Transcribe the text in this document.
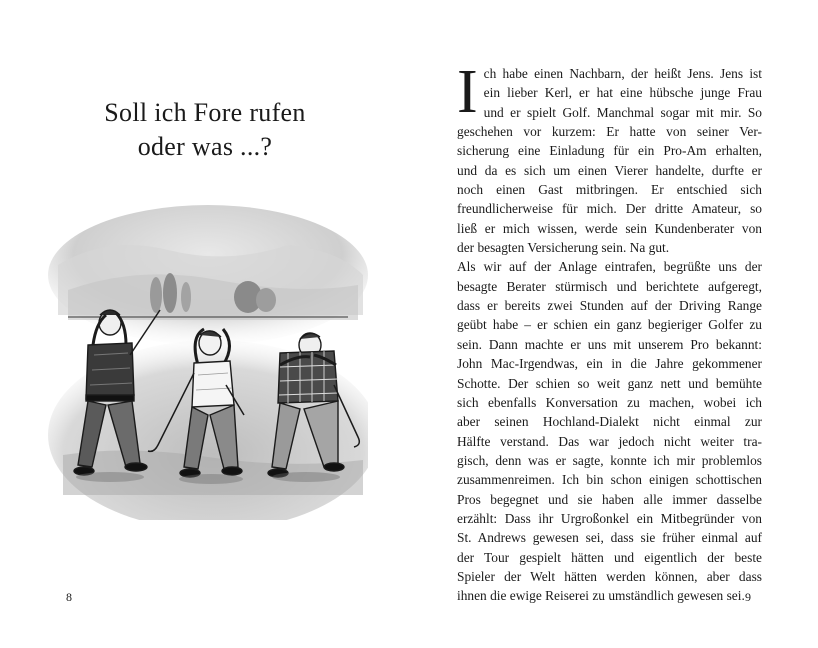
Soll ich Fore rufen
oder was ...?
8
I ch habe einen Nachbarn, der heißt Jens. Jens ist
ein lieber Kerl, er hat eine hübsche junge Frau
und er spielt Golf. Manchmal sogar mit mir. So
geschehen vor kurzem: Er hatte von seiner Ver-
sicherung eine Einladung für ein Pro-Am erhalten,
und da es sich um einen Vierer handelte, durfte er
noch einen Gast mitbringen. Er entschied sich
freundlicherweise für mich. Der dritte Amateur, so
ließ er mich wissen, werde sein Kundenberater von
der besagten Versicherung sein. Na gut.
Als wir auf der Anlage eintrafen, begrüßte uns der
besagte Berater stürmisch und berichtete aufgeregt,
dass er bereits zwei Stunden auf der Driving Range
geübt habe – er schien ein ganz begieriger Golfer zu
sein. Dann machte er uns mit unserem Pro bekannt:
John Mac-Irgendwas, ein in die Jahre gekommener
Schotte. Der schien so weit ganz nett und bemühte
sich ebenfalls Konversation zu machen, wobei ich
aber seinen Hochland-Dialekt nicht einmal zur
Hälfte verstand. Das war jedoch nicht weiter tra-
gisch, denn was er sagte, konnte ich mir problemlos
zusammenreimen. Ich bin schon einigen schottischen
Pros begegnet und sie haben alle immer dasselbe
erzählt: Dass ihr Urgroßonkel ein Mitbegründer von
St. Andrews gewesen sei, dass sie früher einmal auf
der Tour gespielt hätten und eigentlich der beste
Spieler der Welt hätten werden können, aber dass
ihnen die ewige Reiserei zu umständlich gewesen sei. 9
